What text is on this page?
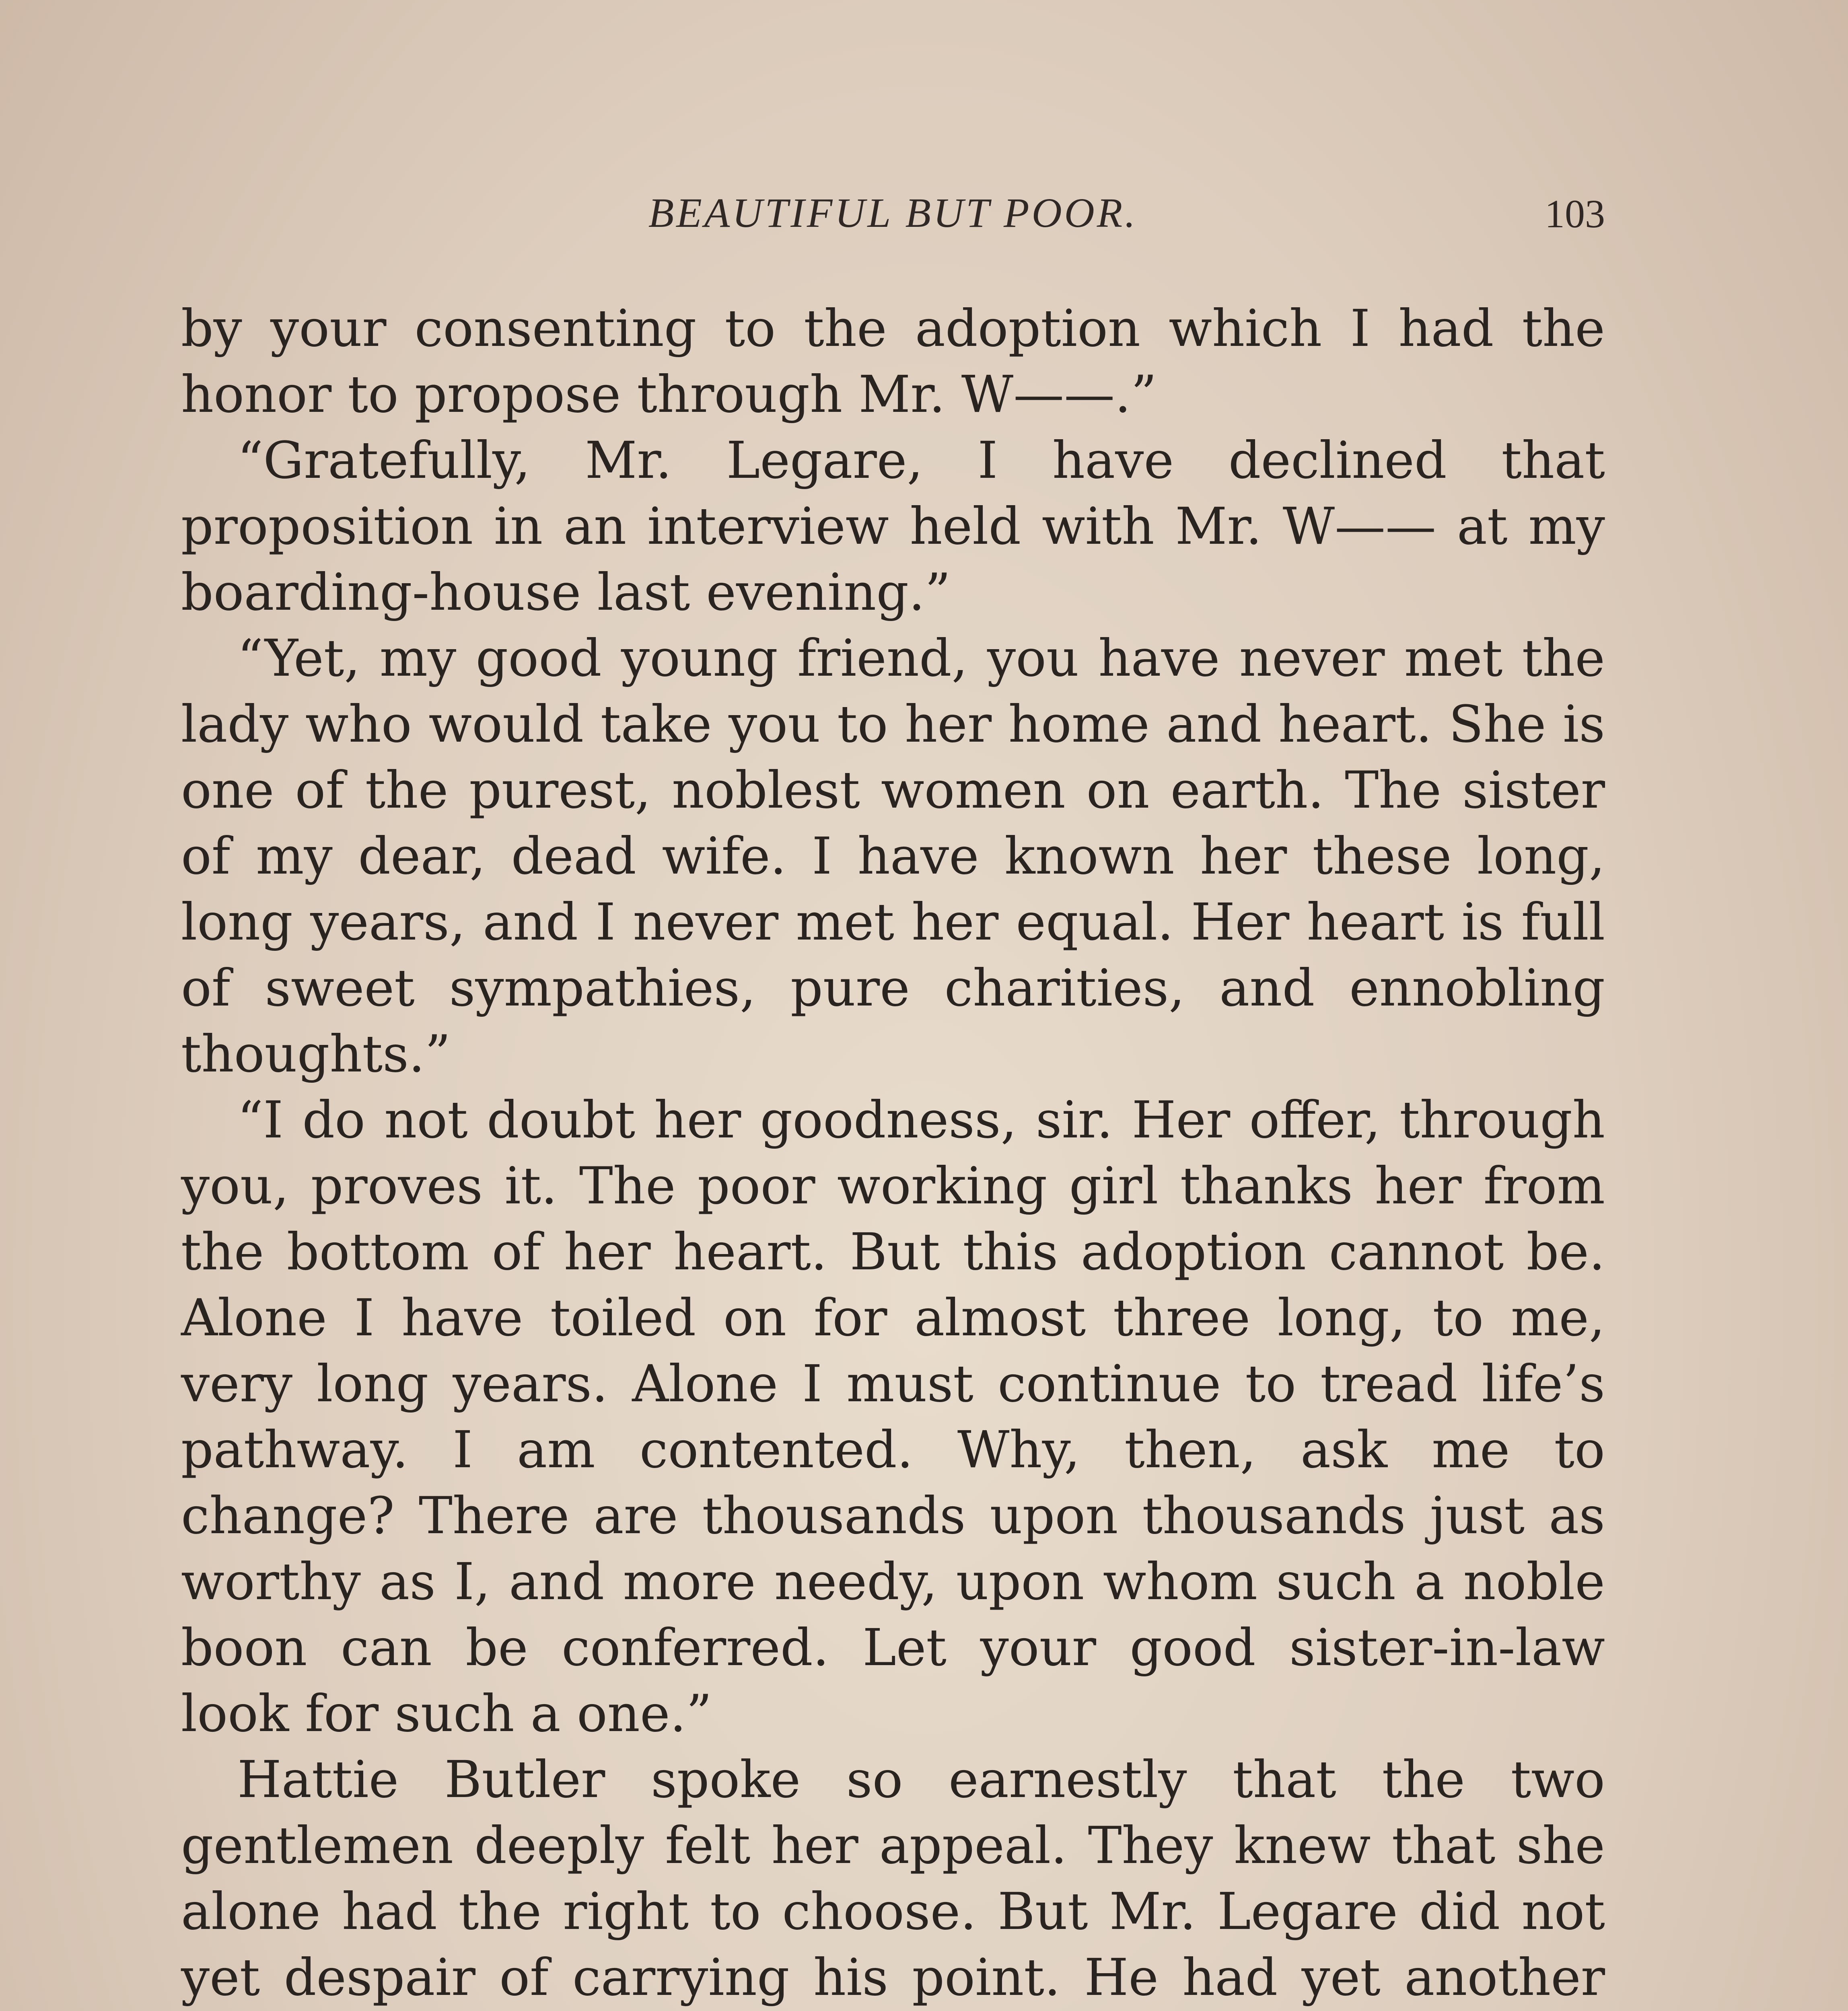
BEAUTIFUL BUT POOR.	103

by your consenting to the adoption which I had the honor to propose through Mr. W——.”

“Gratefully, Mr. Legare, I have declined that proposition in an interview held with Mr. W—— at my boarding-house last evening.”

“Yet, my good young friend, you have never met the lady who would take you to her home and heart. She is one of the purest, noblest women on earth. The sister of my dear, dead wife. I have known her these long, long years, and I never met her equal. Her heart is full of sweet sympathies, pure charities, and ennobling thoughts.”

“I do not doubt her goodness, sir. Her offer, through you, proves it. The poor working girl thanks her from the bottom of her heart. But this adoption cannot be. Alone I have toiled on for almost three long, to me, very long years. Alone I must continue to tread life’s pathway. I am contented. Why, then, ask me to change? There are thousands upon thousands just as worthy as I, and more needy, upon whom such a noble boon can be conferred. Let your good sister-in-law look for such a one.”

Hattie Butler spoke so earnestly that the two gentlemen deeply felt her appeal. They knew that she alone had the right to choose. But Mr. Legare did not yet despair of carrying his point. He had yet another
